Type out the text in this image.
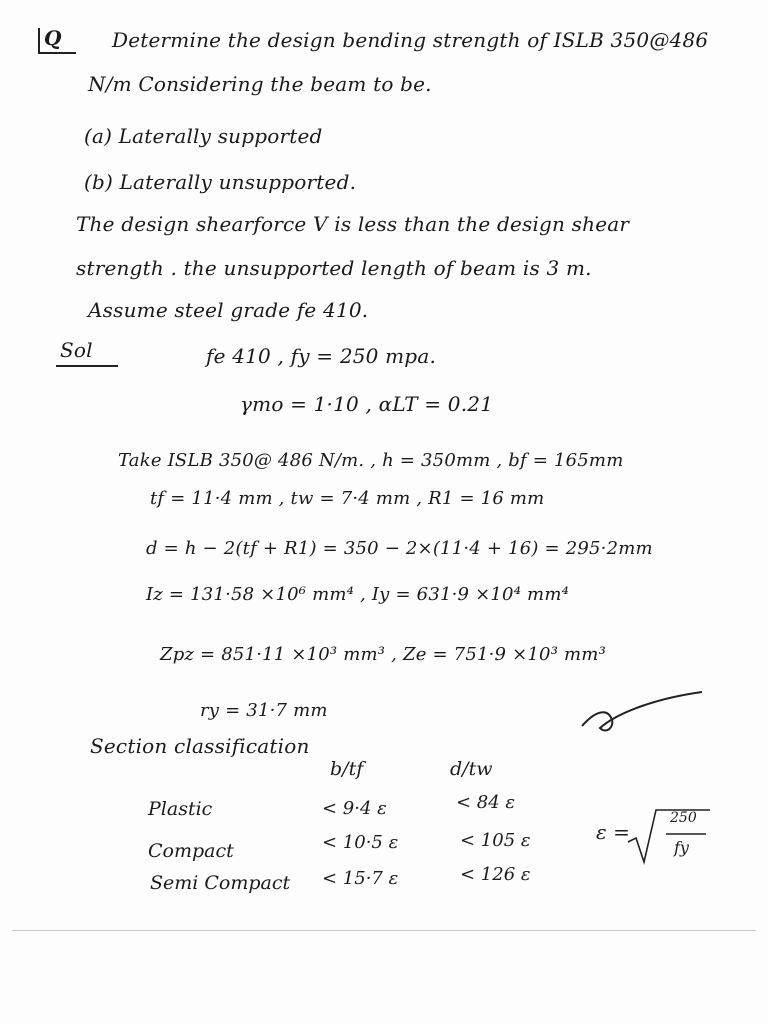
Q	Determine the design bending strength of ISLB 350@486
N/m Considering the beam to be.
(a) Laterally supported
(b) Laterally unsupported.
The design shearforce V is less than the design shear
strength . the unsupported length of beam is 3 m.
Assume steel grade fe 410.
Sol	fe 410 , fy = 250 mpa.
γmo = 1·10 , αLT = 0.21
Take ISLB 350@ 486 N/m. , h = 350mm , bf = 165mm
tf = 11·4 mm , tw = 7·4 mm , R1 = 16 mm
d = h − 2(tf + R1) = 350 − 2×(11·4 + 16) = 295·2mm
Iz = 131·58 ×10⁶ mm⁴ , Iy = 631·9 ×10⁴ mm⁴
Zpz = 851·11 ×10³ mm³ , Ze = 751·9 ×10³ mm³
ry = 31·7 mm
Section classification
b/tf	d/tw
Plastic	< 9·4 ε	< 84 ε
Compact	< 10·5 ε	< 105 ε
Semi Compact < 15·7 ε	< 126 ε
ε =
250
fy
